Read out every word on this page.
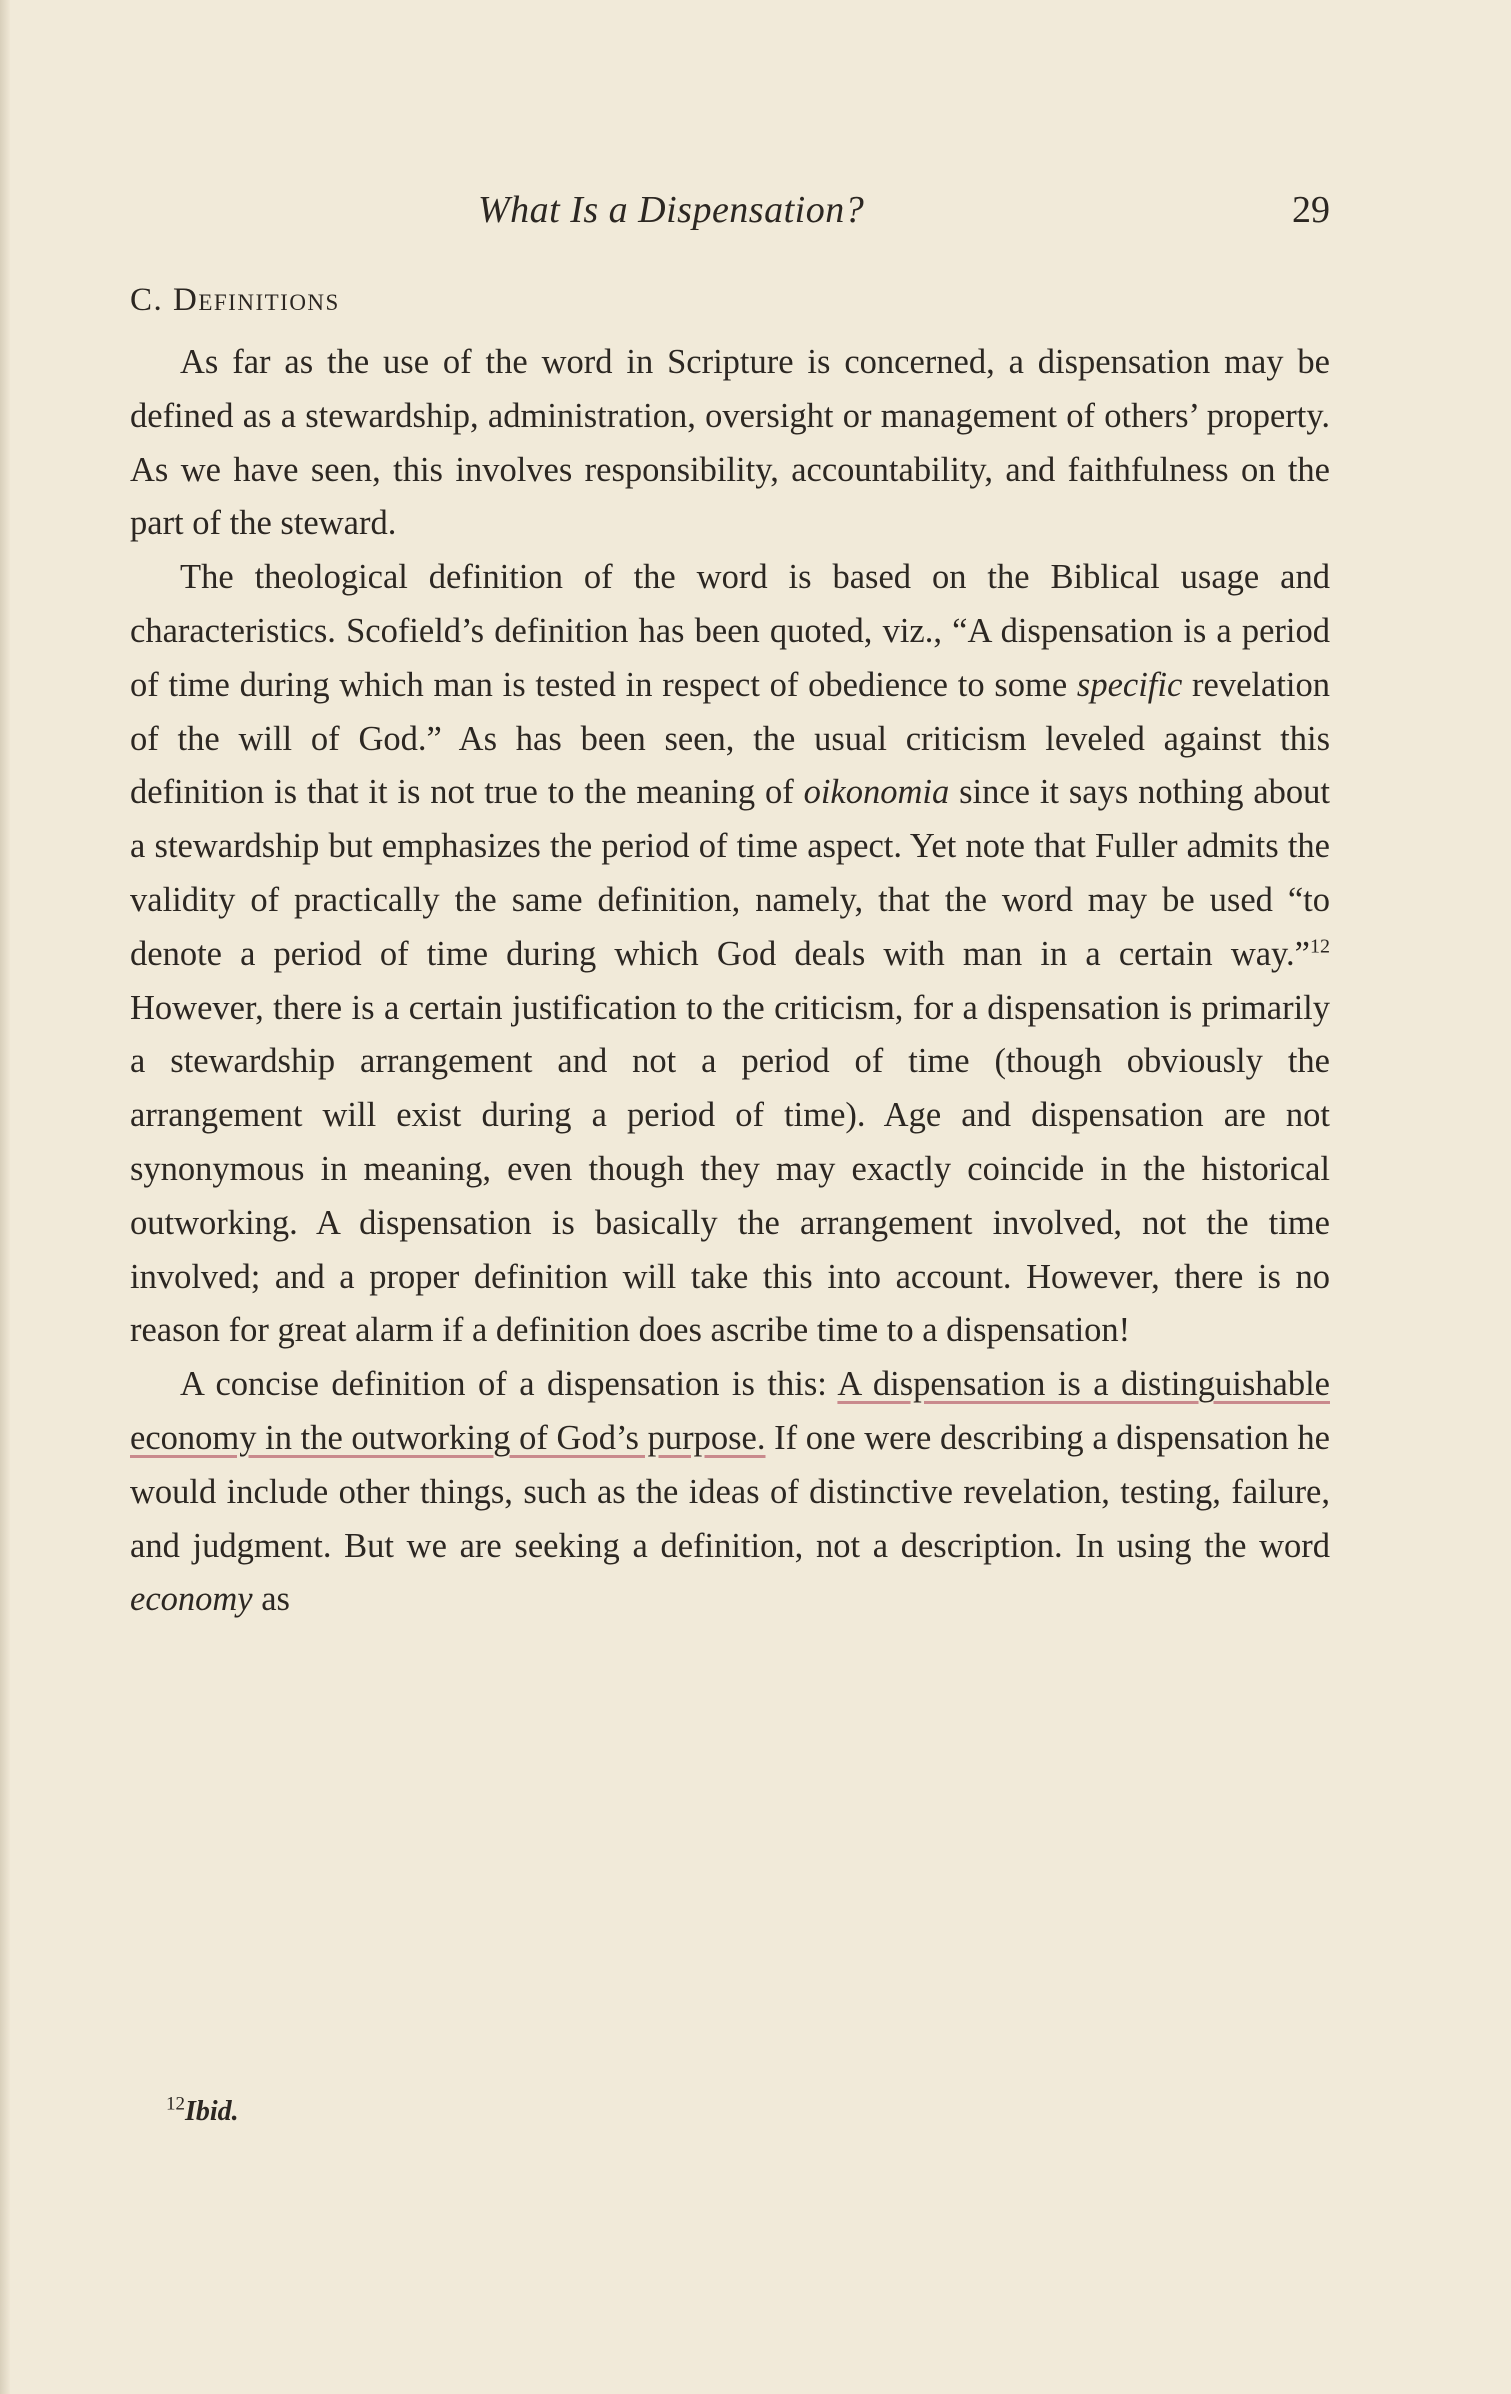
What Is a Dispensation?	29
C. Definitions

As far as the use of the word in Scripture is concerned, a dispensation may be defined as a stewardship, administration, oversight or management of others’ property. As we have seen, this involves responsibility, accountability, and faithfulness on the part of the steward.

The theological definition of the word is based on the Biblical usage and characteristics. Scofield’s definition has been quoted, viz., “A dispensation is a period of time during which man is tested in respect of obedience to some specific revelation of the will of God.” As has been seen, the usual criticism leveled against this definition is that it is not true to the meaning of oikonomia since it says nothing about a stewardship but emphasizes the period of time aspect. Yet note that Fuller admits the validity of practically the same definition, namely, that the word may be used “to denote a period of time during which God deals with man in a certain way.”$^{12}$ However, there is a certain justification to the criticism, for a dispensation is primarily a stewardship arrangement and not a period of time (though obviously the arrangement will exist during a period of time). Age and dispensation are not synonymous in meaning, even though they may exactly coincide in the historical outworking. A dispensation is basically the arrangement involved, not the time involved; and a proper definition will take this into account. However, there is no reason for great alarm if a definition does ascribe time to a dispensation!

A concise definition of a dispensation is this: A dispensation is a distinguishable economy in the outworking of God’s purpose. If one were describing a dispensation he would include other things, such as the ideas of distinctive revelation, testing, failure, and judgment. But we are seeking a definition, not a description. In using the word economy as

$^{12}$Ibid.
